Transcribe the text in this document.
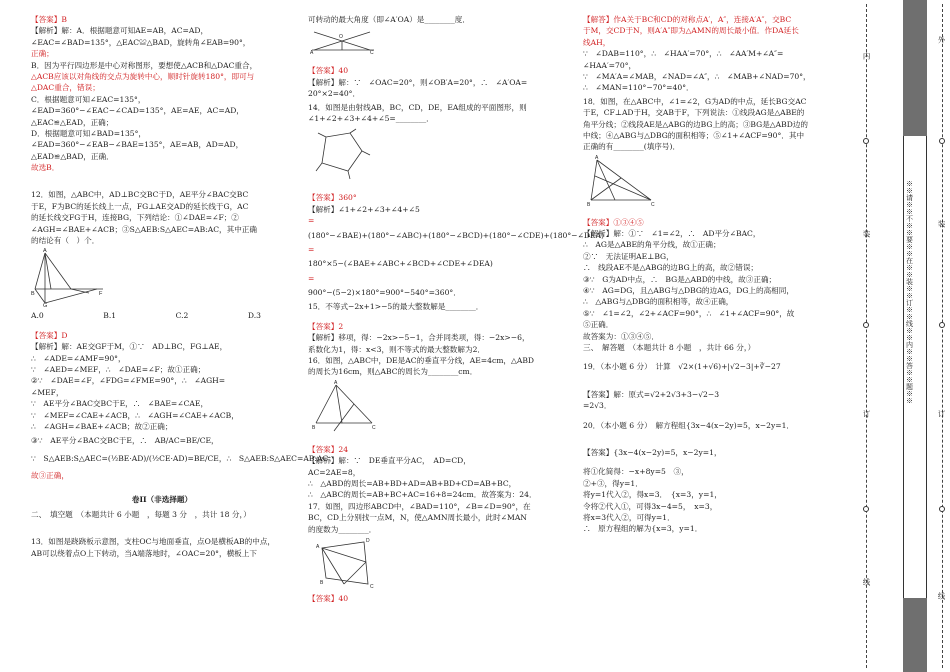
【答案】B
【解析】解：A．根据题意可知AE=AB，AC=AD，
∠EAC=∠BAD=135°，△EAC≌△BAD，旋转角∠EAB=90°，
正确；
B．因为平行四边形是中心对称图形，要想使△ACB和△DAC重合，
△ACB应该以对角线的交点为旋转中心，顺时针旋转180°，即可与
△DAC重合，错误；
C．根据题意可知∠EAC=135°，
∠EAD=360°−∠EAC−∠CAD=135°，AE=AE，AC=AD，
△EAC≌△EAD，正确；
D．根据题意可知∠BAD=135°，
∠EAD=360°−∠EAB−∠BAE=135°，AE=AB，AD=AD，
△EAD≌△BAD，正确．
故选B．
12．如图，△ABC中，AD⊥BC交BC于D，AE平分∠BAC交BC
于E，F为BC的延长线上一点，FG⊥AE交AD的延长线于G，AC
的延长线交FG于H，连接BG，下列结论：①∠DAE=∠F；②
∠AGH=∠BAE+∠ACB；③S△AEB:S△AEC=AB:AC，其中正确
的结论有（　）个．
A
B
G
F
A.0	B.1	C.2	D.3
【答案】D
【解析】解：AE交GF于M，①∵　AD⊥BC，FG⊥AE，
∴　∠ADE=∠AMF=90°，
∵　∠AED=∠MEF，∴　∠DAE=∠F；故①正确；
②∵　∠DAE=∠F，∠FDG=∠FME=90°，∴　∠AGH=
∠MEF，
∵　AE平分∠BAC交BC于E，∴　∠BAE=∠CAE，
∵　∠MEF=∠CAE+∠ACB，∴　∠AGH=∠CAE+∠ACB，
∴　∠AGH=∠BAE+∠ACB；故②正确；
③∵　AE平分∠BAC交BC于E，∴　AB/AC=BE/CE，
∵　S△AEB:S△AEC=(½BE·AD)/(½CE·AD)=BE/CE，∴　S△AEB:S△AEC=AB:AC；
故③正确，
卷II（非选择题）
二、　填空题　（本题共计 6 小题　，每题 3 分　，共计 18 分，）
13．如图是跷跷板示意图，支柱OC与地面垂直，点O是横板AB的中点，
AB可以绕着点O上下转动，当A端落地时，∠OAC=20°，横板上下
可转动的最大角度（即∠A′OA）是________度．
O
A	C
【答案】40
【解析】解：∵　∠OAC=20°，则∠OB′A=20°，∴　∠A′OA=
20°×2=40°．
14．如图是由射线AB，BC，CD，DE，EA组成的平面图形，则
∠1+∠2+∠3+∠4+∠5=________．
【答案】360°
【解析】∠1+∠2+∠3+∠4+∠5
=
(180°−∠BAE)+(180°−∠ABC)+(180°−∠BCD)+(180°−∠CDE)+(180°−∠DEA)
=
180°×5−(∠BAE+∠ABC+∠BCD+∠CDE+∠DEA)
=
900°−(5−2)×180°=900°−540°=360°．
15．不等式−2x+1>−5的最大整数解是________．
【答案】2
【解析】移项，得：−2x>−5−1，合并同类项，得：−2x>−6，
系数化为1，得：x<3，则不等式的最大整数解为2．
16．如图，△ABC中，DE是AC的垂直平分线，AE=4cm，△ABD
的周长为16cm，则△ABC的周长为________cm．
A
B	C
【答案】24
【解析】解：∵　DE垂直平分AC，　AD=CD，
AC=2AE=8，
∴　△ABD的周长=AB+BD+AD=AB+BD+CD=AB+BC，
∴　△ABC的周长=AB+BC+AC=16+8=24cm．故答案为：24．
17．如图，四边形ABCD中，∠BAD=110°，∠B=∠D=90°，在
BC，CD上分别找一点M，N，使△AMN周长最小，此时∠MAN
的度数为________．
A
D
B
C
【答案】40
【解答】作A关于BC和CD的对称点A′，A″，连接A′A″，交BC
于M，交CD于N，则A′A″即为△AMN的周长最小值．作DA延长
线AH，
∵　∠DAB=110°，∴　∠HAA′=70°，∴　∠AA′M+∠A″=
∠HAA′=70°，
∵　∠MA′A=∠MAB，∠NAD=∠A″，∴　∠MAB+∠NAD=70°，
∴　∠MAN=110°−70°=40°．
18．如图，在△ABC中，∠1=∠2，G为AD的中点，延长BG交AC
于E，CF⊥AD于H，交AB于F，下列说法：①线段AG是△ABE的
角平分线；②线段AE是△ABG的边BG上的高；③BG是△ABD边的
中线；④△ABG与△DBG的面积相等；⑤∠1+∠ACF=90°．其中
正确的有________(填序号)．
A
B	C
【答案】①③④⑤
【解析】解：①∵　∠1=∠2，∴　AD平分∠BAC，
∴　AG是△ABE的角平分线，故①正确；
②∵　无法证明AE⊥BG，
∴　线段AE不是△ABG的边BG上的高，故②错误；
③∵　G为AD中点，∴　BG是△ABD的中线，故③正确；
④∵　AG=DG，且△ABG与△DBG的边AG，DG上的高相同，
∴　△ABG与△DBG的面积相等，故④正确，
⑤∵　∠1=∠2，∠2+∠ACF=90°，∴　∠1+∠ACF=90°，故
⑤正确．
故答案为：①③④⑤．
三、　解答题　（本题共计 8 小题　，共计 66 分，）
19．（本小题 6 分）　计算　√2×(1+√6)+|√2−3|+∛−27
【答案】解：原式=√2+2√3+3−√2−3
=2√3．
20．（本小题 6 分）　解方程组{3x−4(x−2y)=5，x−2y=1．
【答案】{3x−4(x−2y)=5，x−2y=1，
将①化简得：−x+8y=5　③，
②+③，得y=1．
将y=1代入②，得x=3．　{x=3，y=1，
令将②代入①，可得3x−4=5，　x=3，
将x=3代入②，可得y=1．
∴　原方程组的解为{x=3，y=1．
※※请※※不※※要※※在※※装※※订※※线※※内※※答※※题※※
内
装
订
线
外
装
订
线
